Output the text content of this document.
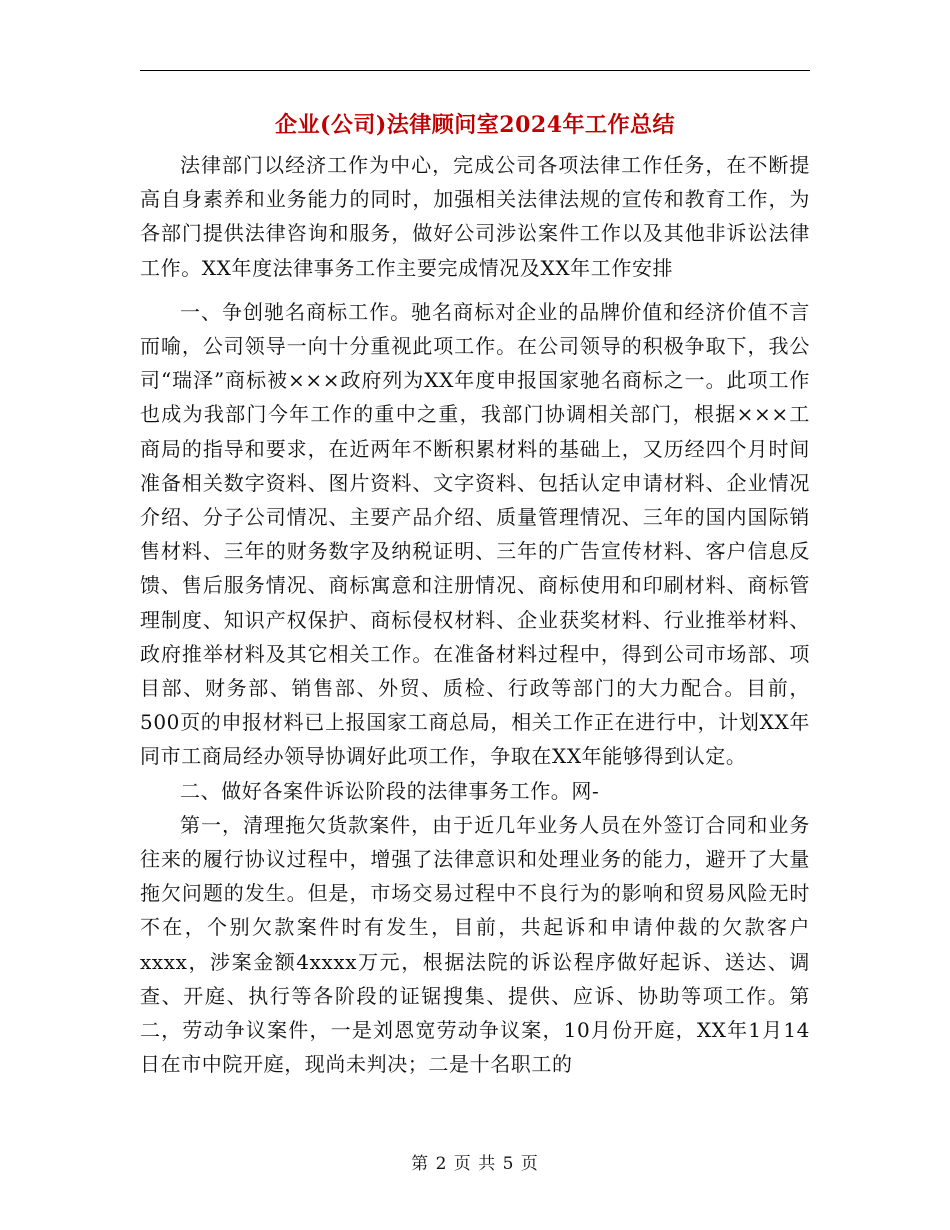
企业(公司)法律顾问室2024年工作总结

法律部门以经济工作为中心，完成公司各项法律工作任务，在不断提高自身素养和业务能力的同时，加强相关法律法规的宣传和教育工作，为各部门提供法律咨询和服务，做好公司涉讼案件工作以及其他非诉讼法律工作。XX年度法律事务工作主要完成情况及XX年工作安排

一、争创驰名商标工作。驰名商标对企业的品牌价值和经济价值不言而喻，公司领导一向十分重视此项工作。在公司领导的积极争取下，我公司“瑞泽”商标被×××政府列为XX年度申报国家驰名商标之一。此项工作也成为我部门今年工作的重中之重，我部门协调相关部门，根据×××工商局的指导和要求，在近两年不断积累材料的基础上，又历经四个月时间准备相关数字资料、图片资料、文字资料、包括认定申请材料、企业情况介绍、分子公司情况、主要产品介绍、质量管理情况、三年的国内国际销售材料、三年的财务数字及纳税证明、三年的广告宣传材料、客户信息反馈、售后服务情况、商标寓意和注册情况、商标使用和印刷材料、商标管理制度、知识产权保护、商标侵权材料、企业获奖材料、行业推举材料、政府推举材料及其它相关工作。在准备材料过程中，得到公司市场部、项目部、财务部、销售部、外贸、质检、行政等部门的大力配合。目前，500页的申报材料已上报国家工商总局，相关工作正在进行中，计划XX年同市工商局经办领导协调好此项工作，争取在XX年能够得到认定。

二、做好各案件诉讼阶段的法律事务工作。网-

第一，清理拖欠货款案件，由于近几年业务人员在外签订合同和业务往来的履行协议过程中，增强了法律意识和处理业务的能力，避开了大量拖欠问题的发生。但是，市场交易过程中不良行为的影响和贸易风险无时不在，个别欠款案件时有发生，目前，共起诉和申请仲裁的欠款客户xxxx，涉案金额4xxxx万元，根据法院的诉讼程序做好起诉、送达、调查、开庭、执行等各阶段的证锯搜集、提供、应诉、协助等项工作。第二，劳动争议案件，一是刘恩宽劳动争议案，10月份开庭，XX年1月14日在市中院开庭，现尚未判决；二是十名职工的

第 2 页 共 5 页
